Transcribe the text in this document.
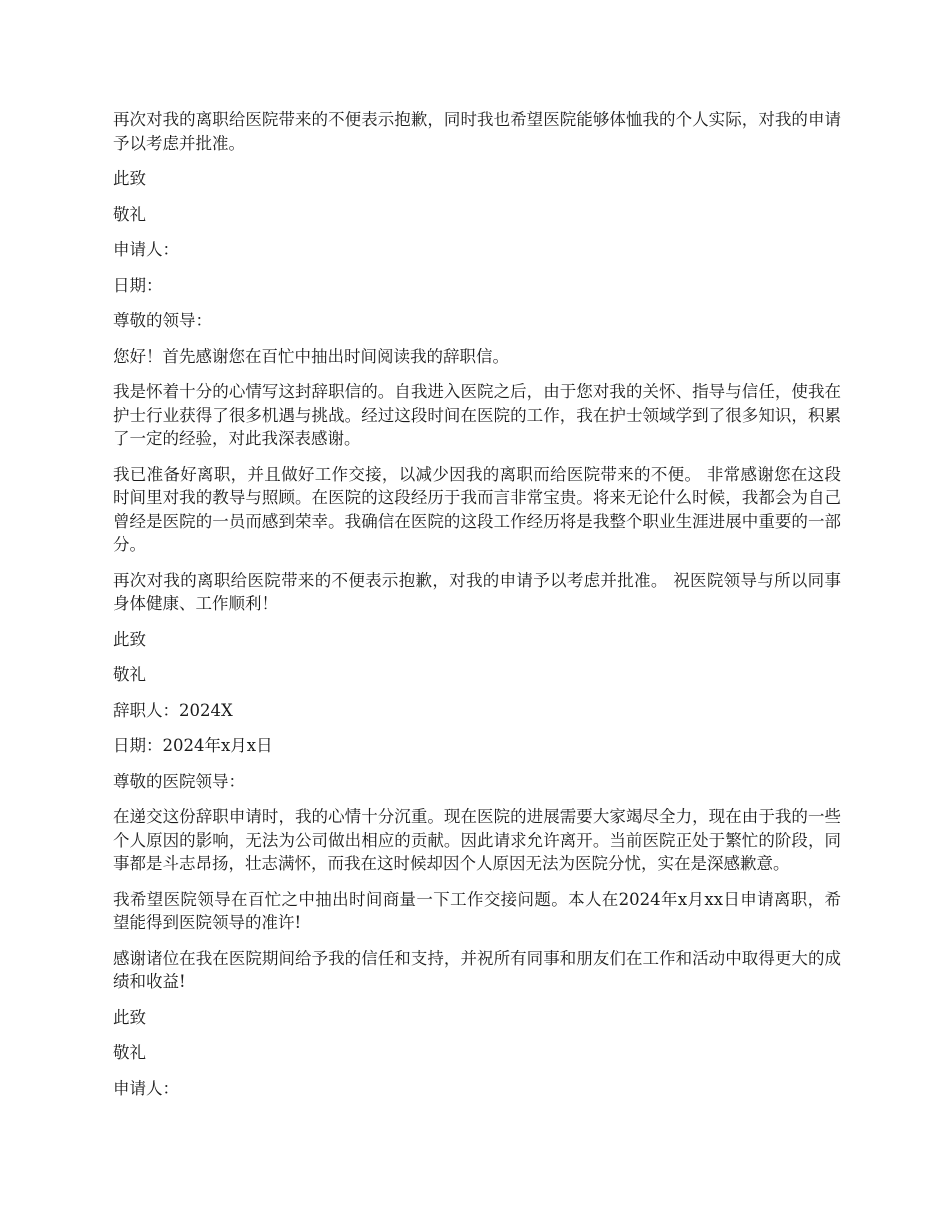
再次对我的离职给医院带来的不便表示抱歉，同时我也希望医院能够体恤我的个人实际，对我的申请予以考虑并批准。

此致

敬礼

申请人：

日期：

尊敬的领导：

您好！首先感谢您在百忙中抽出时间阅读我的辞职信。

我是怀着十分的心情写这封辞职信的。自我进入医院之后，由于您对我的关怀、指导与信任，使我在护士行业获得了很多机遇与挑战。经过这段时间在医院的工作，我在护士领域学到了很多知识，积累了一定的经验，对此我深表感谢。

我已准备好离职，并且做好工作交接，以减少因我的离职而给医院带来的不便。 非常感谢您在这段时间里对我的教导与照顾。在医院的这段经历于我而言非常宝贵。将来无论什么时候，我都会为自己曾经是医院的一员而感到荣幸。我确信在医院的这段工作经历将是我整个职业生涯进展中重要的一部分。

再次对我的离职给医院带来的不便表示抱歉，对我的申请予以考虑并批准。 祝医院领导与所以同事身体健康、工作顺利！

此致

敬礼

辞职人：2024X

日期：2024年x月x日

尊敬的医院领导：

在递交这份辞职申请时，我的心情十分沉重。现在医院的进展需要大家竭尽全力，现在由于我的一些个人原因的影响，无法为公司做出相应的贡献。因此请求允许离开。当前医院正处于繁忙的阶段，同事都是斗志昂扬，壮志满怀，而我在这时候却因个人原因无法为医院分忧，实在是深感歉意。

我希望医院领导在百忙之中抽出时间商量一下工作交接问题。本人在2024年x月xx日申请离职，希望能得到医院领导的准许!

感谢诸位在我在医院期间给予我的信任和支持，并祝所有同事和朋友们在工作和活动中取得更大的成绩和收益!

此致

敬礼

申请人：
